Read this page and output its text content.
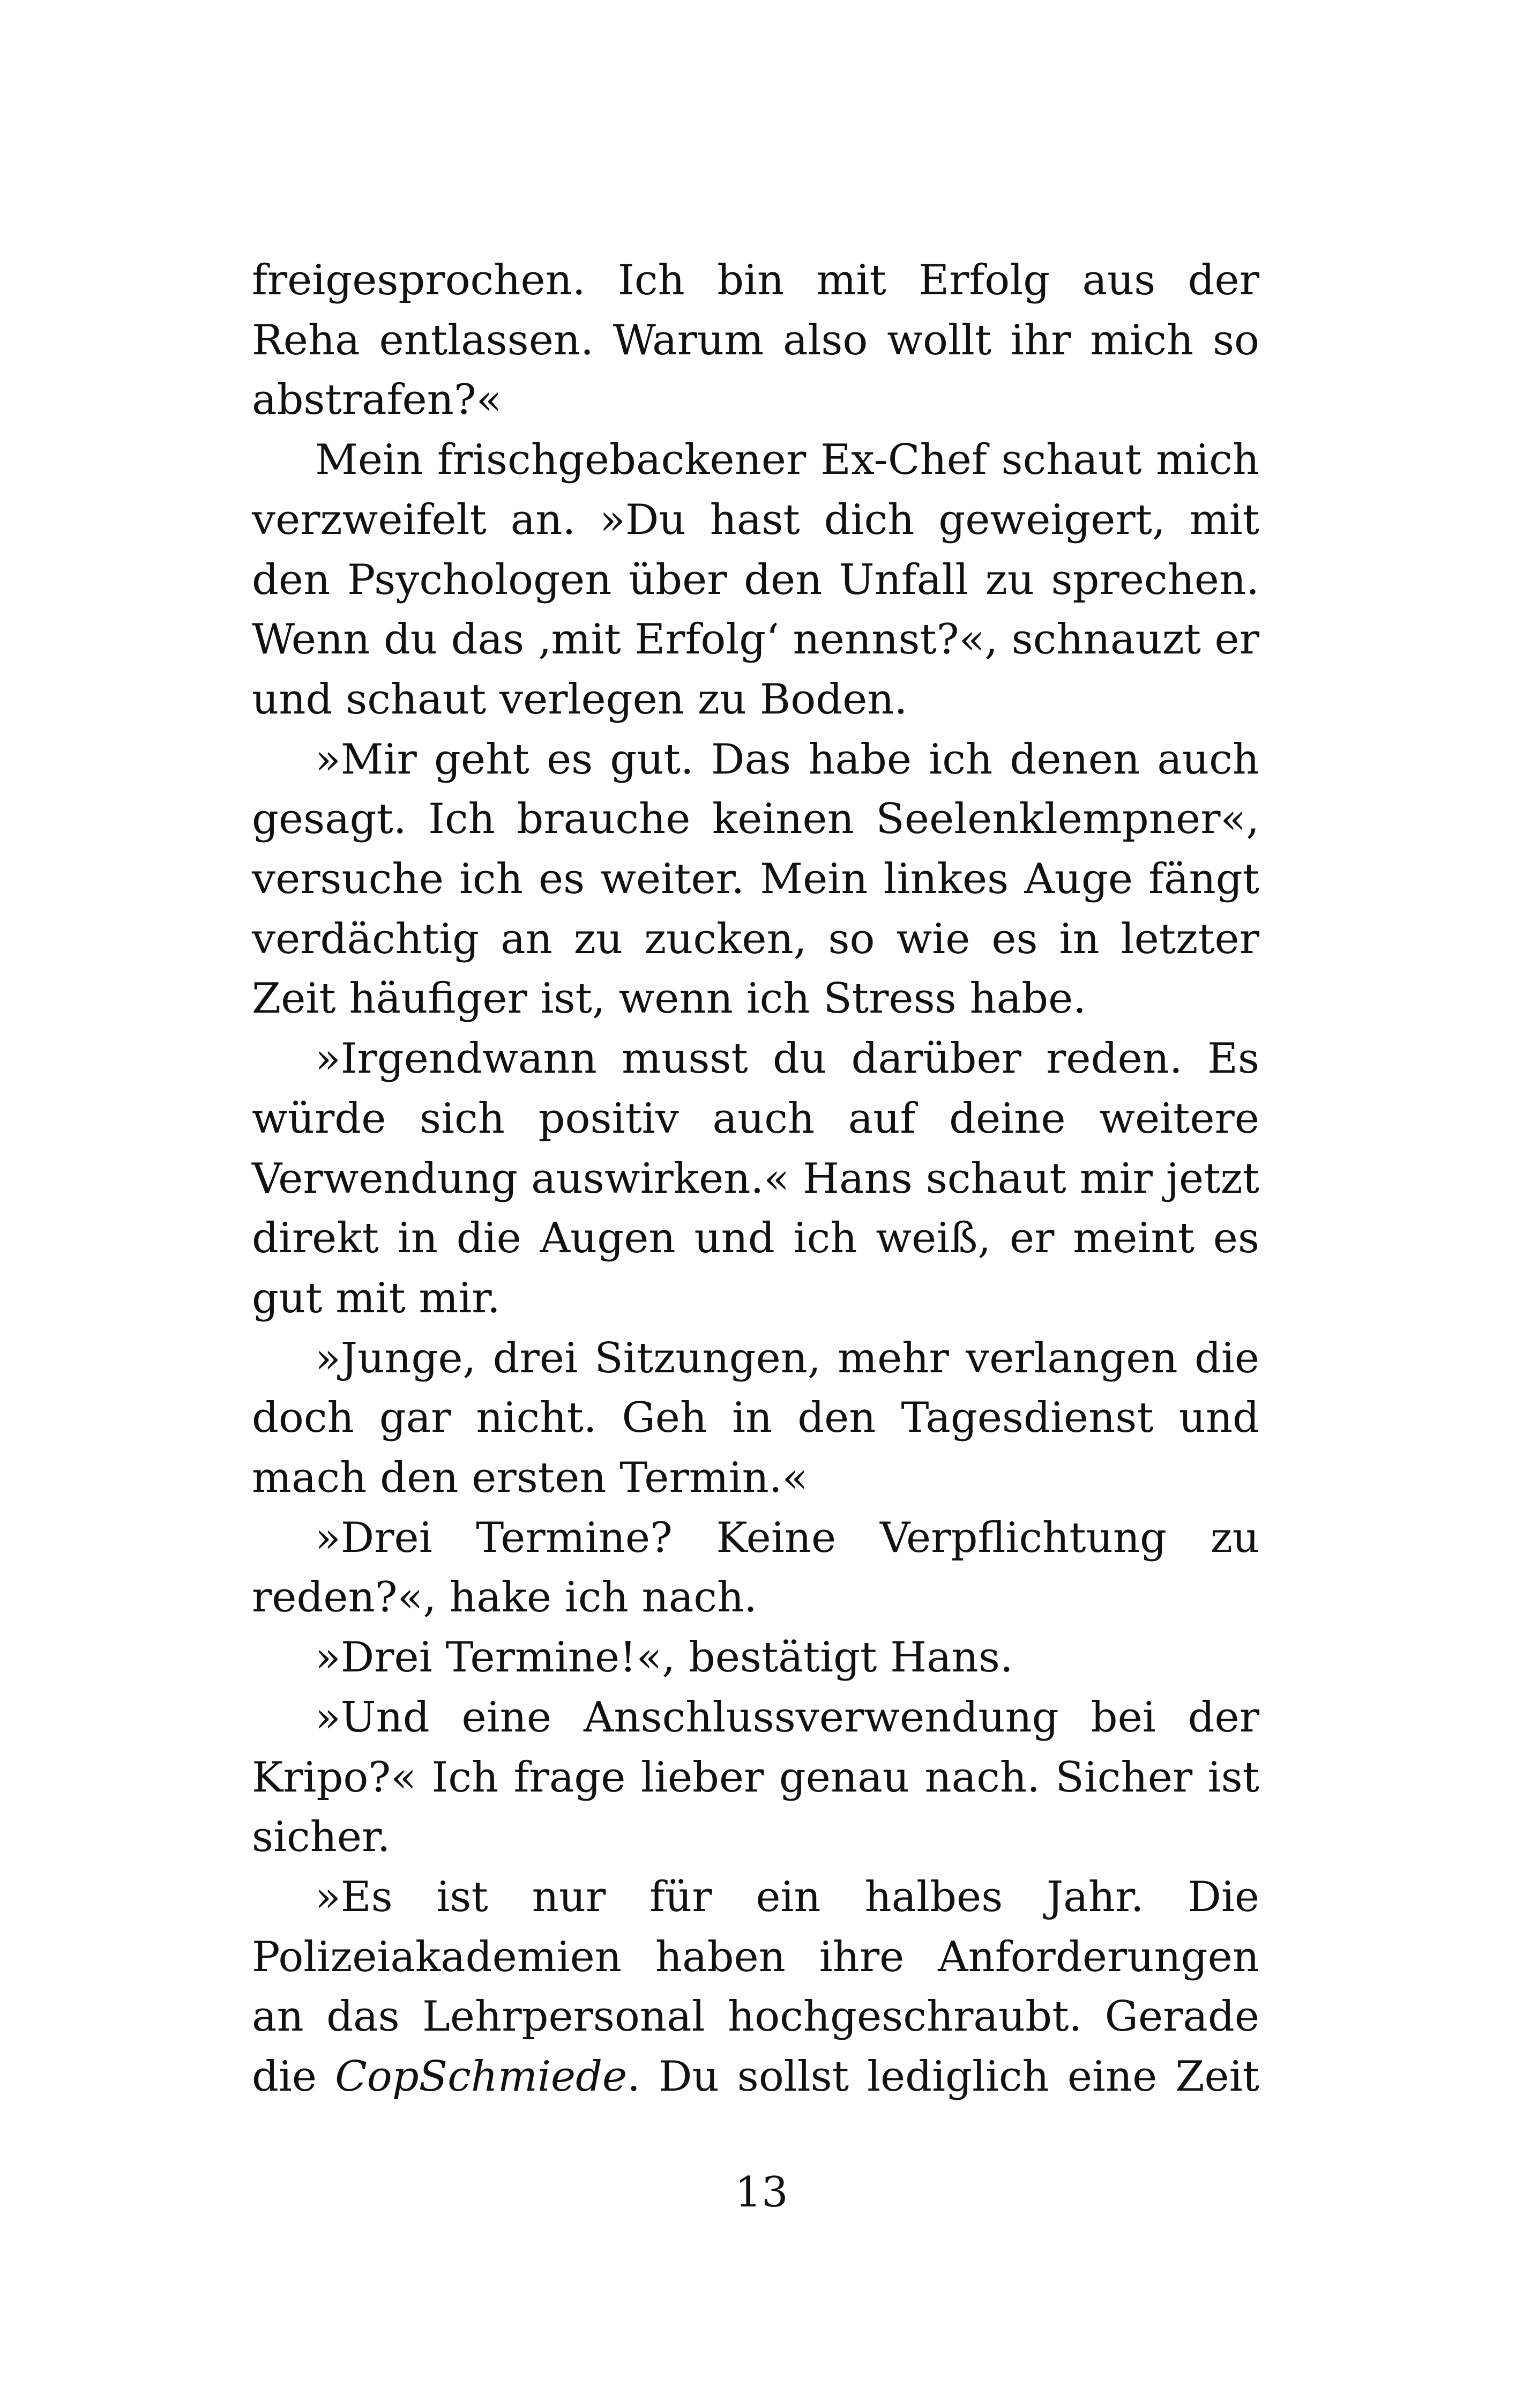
freigesprochen. Ich bin mit Erfolg aus der Reha entlassen. Warum also wollt ihr mich so abstrafen?«

Mein frischgebackener Ex-Chef schaut mich verzweifelt an. »Du hast dich geweigert, mit den Psychologen über den Unfall zu sprechen. Wenn du das ‚mit Erfolg‘ nennst?«, schnauzt er und schaut verlegen zu Boden.

»Mir geht es gut. Das habe ich denen auch gesagt. Ich brauche keinen Seelenklempner«, versuche ich es weiter. Mein linkes Auge fängt verdächtig an zu zucken, so wie es in letzter Zeit häufiger ist, wenn ich Stress habe.

»Irgendwann musst du darüber reden. Es würde sich positiv auch auf deine weitere Verwendung auswirken.« Hans schaut mir jetzt direkt in die Augen und ich weiß, er meint es gut mit mir.

»Junge, drei Sitzungen, mehr verlangen die doch gar nicht. Geh in den Tagesdienst und mach den ersten Termin.«

»Drei Termine? Keine Verpflichtung zu reden?«, hake ich nach.

»Drei Termine!«, bestätigt Hans.

»Und eine Anschlussverwendung bei der Kripo?« Ich frage lieber genau nach. Sicher ist sicher.

»Es ist nur für ein halbes Jahr. Die Polizeiakademien haben ihre Anforderungen an das Lehrpersonal hochgeschraubt. Gerade die CopSchmiede. Du sollst lediglich eine Zeit

13
